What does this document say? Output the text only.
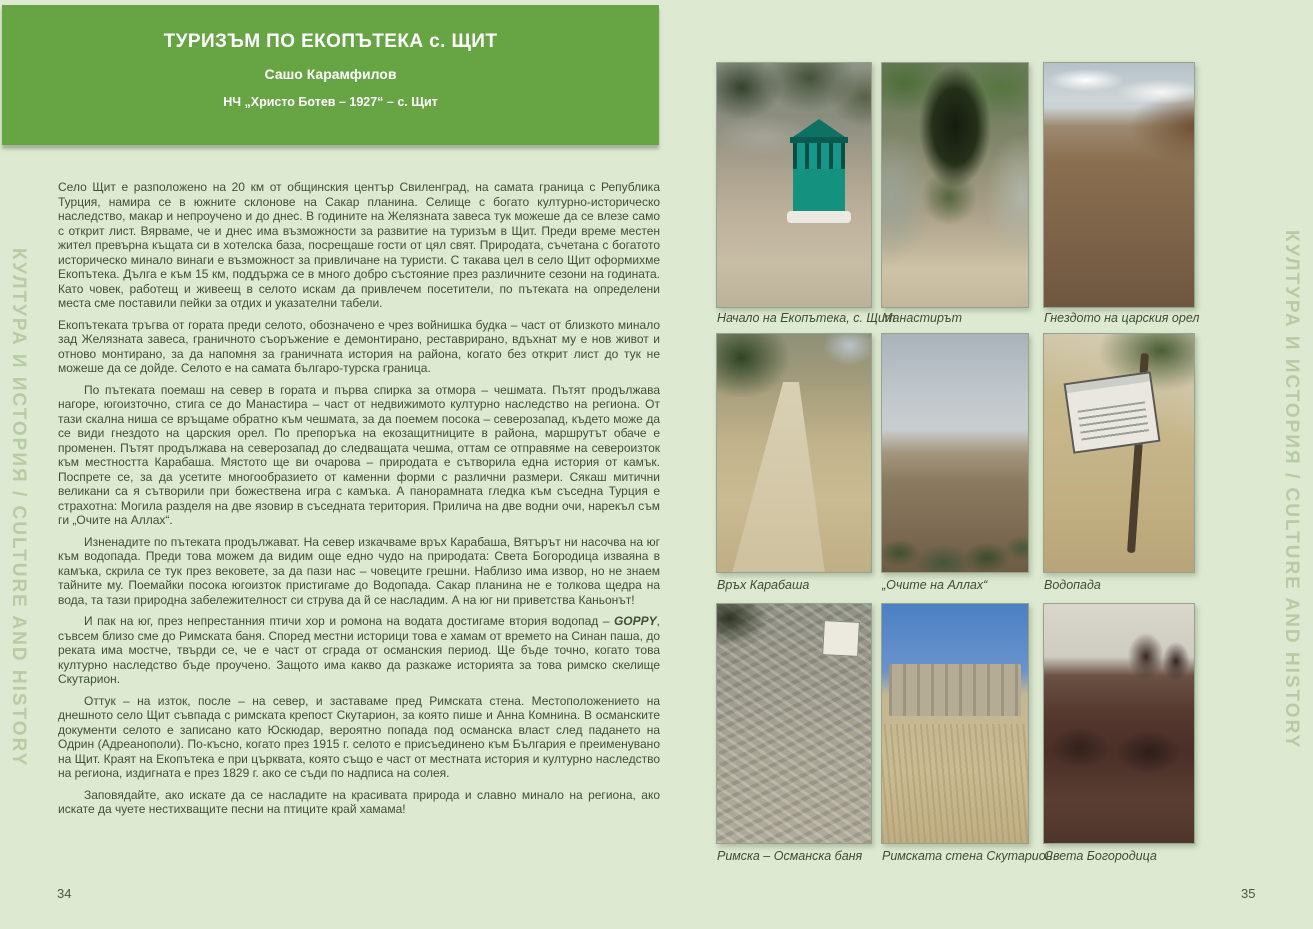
КУЛТУРА И ИСТОРИЯ / CULTURE AND HISTORY
ТУРИЗЪМ ПО ЕКОПЪТЕКА с. ЩИТ
Сашо Карамфилов
НЧ „Христо Ботев – 1927“ – с. Щит

Село Щит е разположено на 20 км от общинския център Свиленград, на самата граница с Република Турция, намира се в южните склонове на Сакар планина. Селище с богато културно-историческо наследство, макар и непроучено и до днес. В годините на Желязната завеса тук можеше да се влезе само с открит лист. Вярваме, че и днес има възможности за развитие на туризъм в Щит. Преди време местен жител превърна къщата си в хотелска база, посрещаше гости от цял свят. Природата, съчетана с богатото историческо минало винаги е възможност за привличане на туристи. С такава цел в село Щит оформихме Екопътека. Дълга е към 15 км, поддържа се в много добро състояние през различните сезони на годината. Като човек, работещ и живеещ в селото искам да привлечем посетители, по пътеката на определени места сме поставили пейки за отдих и указателни табели.

Екопътеката тръгва от гората преди селото, обозначено е чрез войнишка будка – част от близкото минало зад Желязната завеса, граничното съоръжение е демонтирано, реставрирано, вдъхнат му е нов живот и отново монтирано, за да напомня за граничната история на района, когато без открит лист до тук не можеше да се дойде. Селото е на самата българо-турска граница.

По пътеката поемаш на север в гората и първа спирка за отмора – чешмата. Пътят продължава нагоре, югоизточно, стига се до Манастира – част от недвижимото културно наследство на региона. От тази скална ниша се връщаме обратно към чешмата, за да поемем посока – северозапад, където може да се види гнездото на царския орел. По препоръка на екозащитниците в района, маршрутът обаче е променен. Пътят продължава на северозапад до следващата чешма, оттам се отправяме на североизток към местността Карабаша. Мястото ще ви очарова – природата е сътворила една история от камък. Поспрете се, за да усетите многообразието от каменни форми с различни размери. Сякаш митични великани са я сътворили при божествена игра с камъка. А панорамната гледка към съседна Турция е страхотна: Могила разделя на две язовир в съседната територия. Прилича на две водни очи, нарекъл съм ги „Очите на Аллах“.

Изненадите по пътеката продължават. На север изкачваме връх Карабаша, Вятърът ни насочва на юг към водопада. Преди това можем да видим още едно чудо на природата: Света Богородица изваяна в камъка, скрила се тук през вековете, за да пази нас – човеците грешни. Наблизо има извор, но не знаем тайните му. Поемайки посока югоизток пристигаме до Водопада. Сакар планина не е толкова щедра на вода, та тази природна забележителност си струва да й се насладим. А на юг ни приветства Каньонът!

И пак на юг, през непрестанния птичи хор и ромона на водата достигаме втория водопад – GOPPY, съвсем близо сме до Римската баня. Според местни историци това е хамам от времето на Синан паша, до реката има мостче, твърди се, че е част от сграда от османския период. Ще бъде точно, когато това културно наследство бъде проучено. Защото има какво да разкаже историята за това римско скелище Скутарион.

Оттук – на изток, после – на север, и заставаме пред Римската стена. Местоположението на днешното село Щит съвпада с римската крепост Скутарион, за която пише и Анна Комнина. В османските документи селото е записано като Юскюдар, вероятно попада под османска власт след падането на Одрин (Адреанополи). По-късно, когато през 1915 г. селото е присъединено към България е преименувано на Щит. Краят на Екопътека е при църквата, която също е част от местната история и културно наследство на региона, издигната е през 1829 г. ако се съди по надписа на солея.

Заповядайте, ако искате да се насладите на красивата природа и славно минало на региона, ако искате да чуете нестихващите песни на птиците край хамама!

34
Начало на Екопътека, с. Щит
Манастирът	Гнездото на царския орел
Връх Карабаша	„Очите на Аллах“	Водопада
Римска – Османска баня Римската стена Скутарион
Света Богородица
35
КУЛТУРА И ИСТОРИЯ / CULTURE AND HISTORY
